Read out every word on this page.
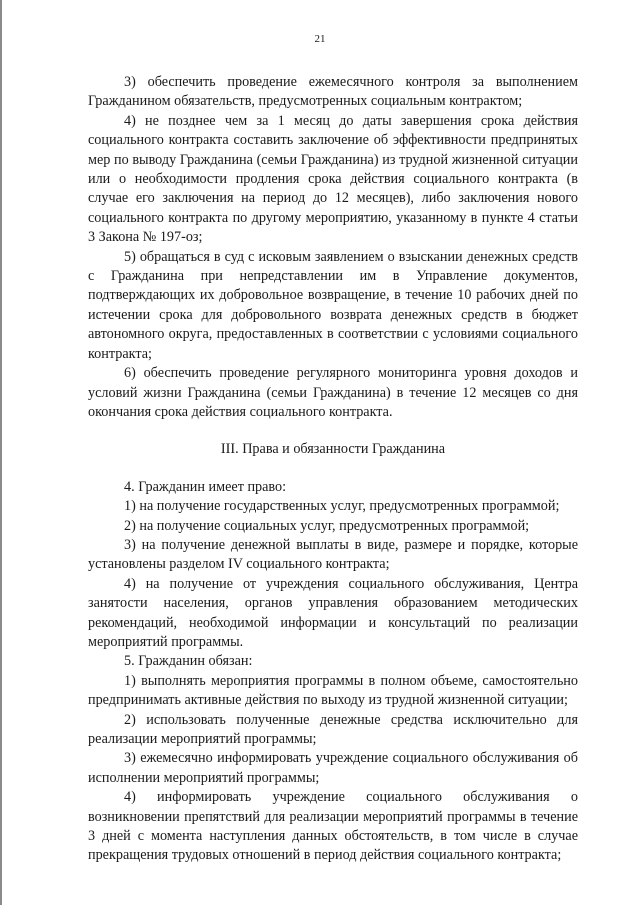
21

3) обеспечить проведение ежемесячного контроля за выполнением Гражданином обязательств, предусмотренных социальным контрактом;

4) не позднее чем за 1 месяц до даты завершения срока действия социального контракта составить заключение об эффективности предпринятых мер по выводу Гражданина (семьи Гражданина) из трудной жизненной ситуации или о необходимости продления срока действия социального контракта (в случае его заключения на период до 12 месяцев), либо заключения нового социального контракта по другому мероприятию, указанному в пункте 4 статьи 3 Закона № 197-оз;

5) обращаться в суд с исковым заявлением о взыскании денежных средств с Гражданина при непредставлении им в Управление документов, подтверждающих их добровольное возвращение, в течение 10 рабочих дней по истечении срока для добровольного возврата денежных средств в бюджет автономного округа, предоставленных в соответствии с условиями социального контракта;

6) обеспечить проведение регулярного мониторинга уровня доходов и условий жизни Гражданина (семьи Гражданина) в течение 12 месяцев со дня окончания срока действия социального контракта.

III. Права и обязанности Гражданина

4. Гражданин имеет право:

1) на получение государственных услуг, предусмотренных программой;

2) на получение социальных услуг, предусмотренных программой;

3) на получение денежной выплаты в виде, размере и порядке, которые установлены разделом IV социального контракта;

4) на получение от учреждения социального обслуживания, Центра занятости населения, органов управления образованием методических рекомендаций, необходимой информации и консультаций по реализации мероприятий программы.

5. Гражданин обязан:

1) выполнять мероприятия программы в полном объеме, самостоятельно предпринимать активные действия по выходу из трудной жизненной ситуации;

2) использовать полученные денежные средства исключительно для реализации мероприятий программы;

3) ежемесячно информировать учреждение социального обслуживания об исполнении мероприятий программы;

4) информировать учреждение социального обслуживания о возникновении препятствий для реализации мероприятий программы в течение 3 дней с момента наступления данных обстоятельств, в том числе в случае прекращения трудовых отношений в период действия социального контракта;
